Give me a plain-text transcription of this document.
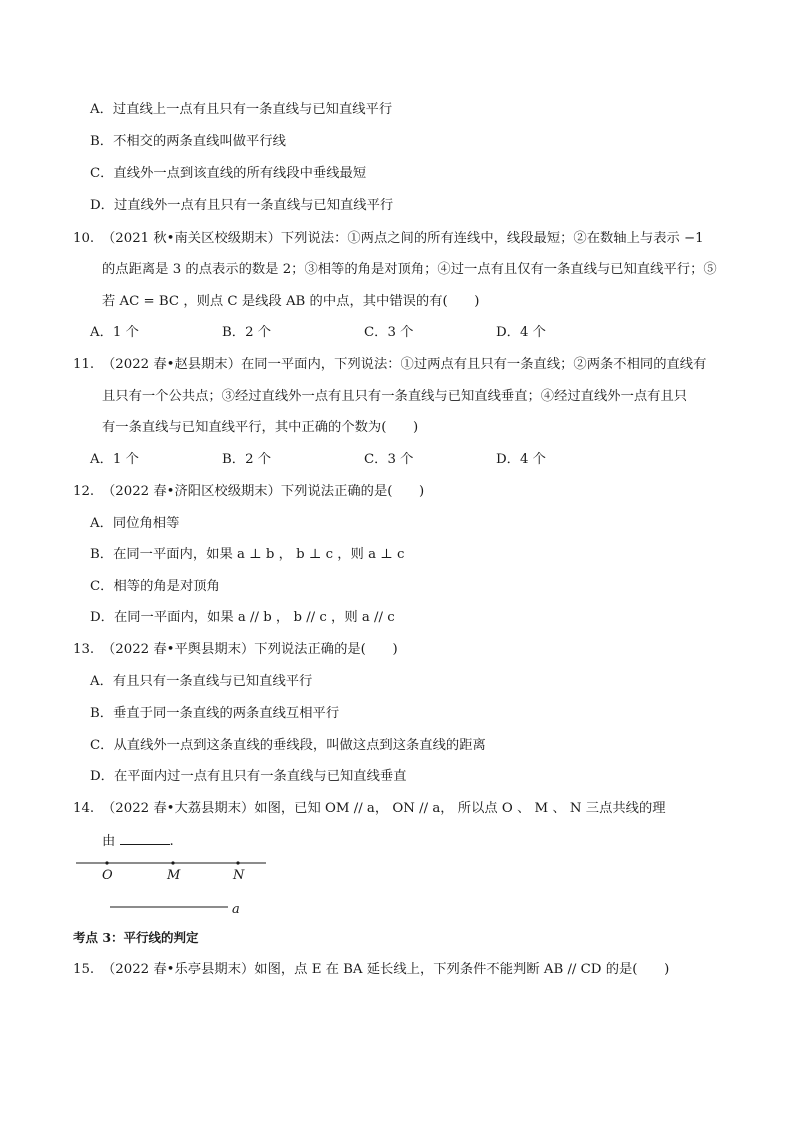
A．过直线上一点有且只有一条直线与已知直线平行
B．不相交的两条直线叫做平行线
C．直线外一点到该直线的所有线段中垂线最短
D．过直线外一点有且只有一条直线与已知直线平行
10. （2021 秋•南关区校级期末）下列说法：①两点之间的所有连线中，线段最短；②在数轴上与表示 −1
的点距离是 3 的点表示的数是 2；③相等的角是对顶角；④过一点有且仅有一条直线与已知直线平行；⑤
若 AC = BC ，则点 C 是线段 AB 的中点，其中错误的有(　　)
A．1 个	B．2 个	C．3 个	D．4 个
11. （2022 春•赵县期末）在同一平面内，下列说法：①过两点有且只有一条直线；②两条不相同的直线有
且只有一个公共点；③经过直线外一点有且只有一条直线与已知直线垂直；④经过直线外一点有且只
有一条直线与已知直线平行，其中正确的个数为(　　)
A．1 个	B．2 个	C．3 个	D．4 个
12. （2022 春•济阳区校级期末）下列说法正确的是(　　)
A．同位角相等
B．在同一平面内，如果 a ⊥ b ， b ⊥ c ，则 a ⊥ c
C．相等的角是对顶角
D．在同一平面内，如果 a // b ， b // c ，则 a // c
13. （2022 春•平舆县期末）下列说法正确的是(　　)
A．有且只有一条直线与已知直线平行
B．垂直于同一条直线的两条直线互相平行
C．从直线外一点到这条直线的垂线段，叫做这点到这条直线的距离
D．在平面内过一点有且只有一条直线与已知直线垂直
14. （2022 春•大荔县期末）如图，已知 OM // a， ON // a， 所以点 O 、 M 、 N 三点共线的理
由	.
O	M	N
a
考点 3：平行线的判定
15. （2022 春•乐亭县期末）如图，点 E 在 BA 延长线上，下列条件不能判断 AB // CD 的是(　　)
